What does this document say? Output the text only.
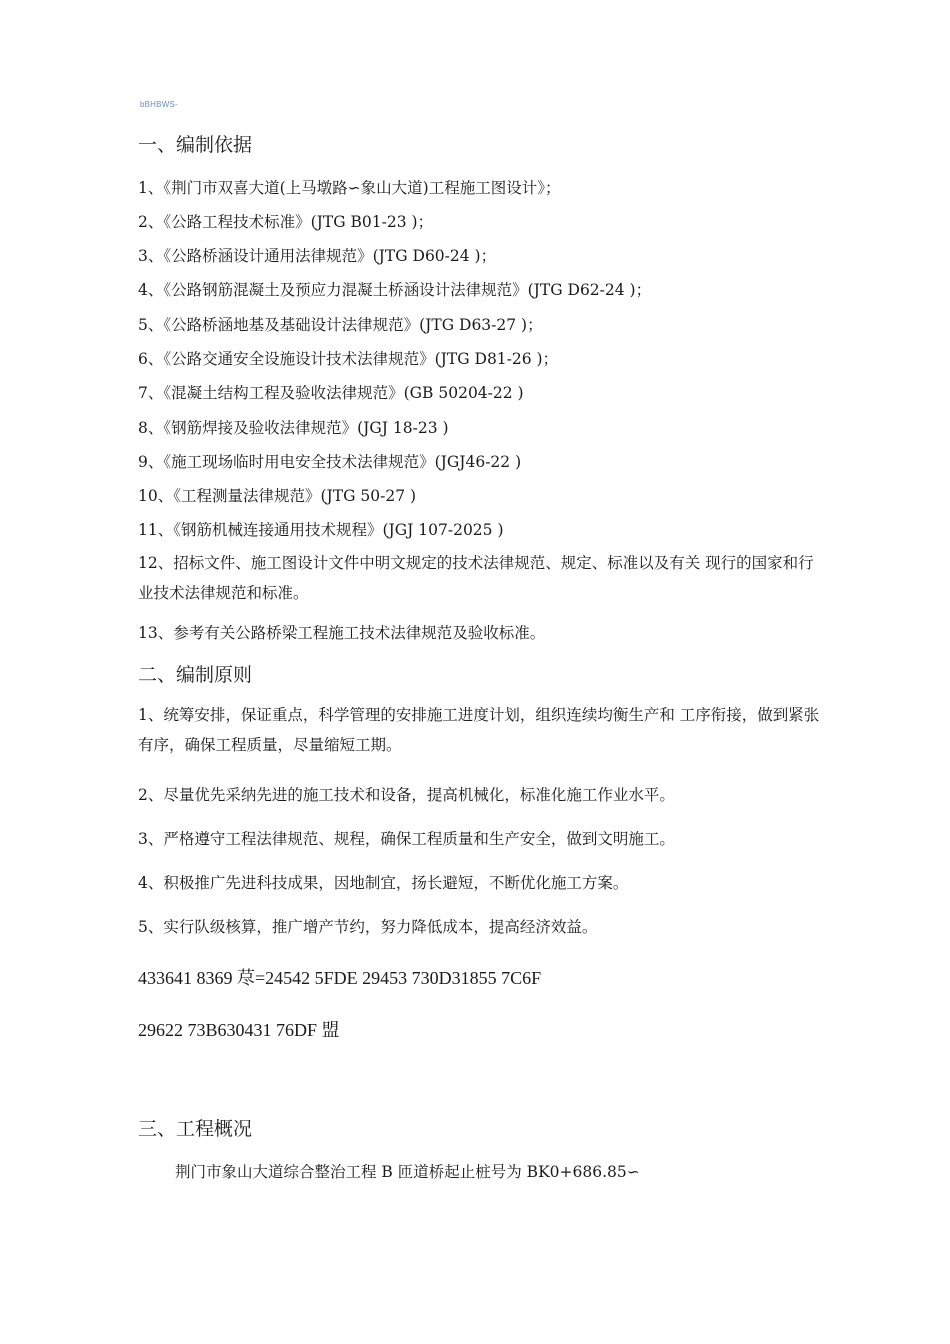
bBHBWS-
一、编制依据
1、《荆门市双喜大道(上马墩路∽象山大道)工程施工图设计》；
2、《公路工程技术标准》(JTG B01-23 )；
3、《公路桥涵设计通用法律规范》(JTG D60-24 )；
4、《公路钢筋混凝土及预应力混凝土桥涵设计法律规范》(JTG D62-24 )；
5、《公路桥涵地基及基础设计法律规范》(JTG D63-27 )；
6、《公路交通安全设施设计技术法律规范》(JTG D81-26 )；
7、《混凝土结构工程及验收法律规范》(GB 50204-22 )
8、《钢筋焊接及验收法律规范》(JGJ 18-23 )
9、《施工现场临时用电安全技术法律规范》(JGJ46-22 )
10、《工程测量法律规范》(JTG 50-27 )
11、《钢筋机械连接通用技术规程》(JGJ 107-2025 )
12、招标文件、施工图设计文件中明文规定的技术法律规范、规定、标准以及有关 现行的国家和行业技术法律规范和标准。
13、参考有关公路桥梁工程施工技术法律规范及验收标准。
二、编制原则
1、统筹安排，保证重点，科学管理的安排施工进度计划，组织连续均衡生产和 工序衔接，做到紧张有序，确保工程质量，尽量缩短工期。
2、尽量优先采纳先进的施工技术和设备，提高机械化，标准化施工作业水平。
3、严格遵守工程法律规范、规程，确保工程质量和生产安全，做到文明施工。
4、积极推广先进科技成果，因地制宜，扬长避短，不断优化施工方案。
5、实行队级核算，推广增产节约，努力降低成本，提高经济效益。
433641 8369 荩=24542 5FDE 29453 730D31855 7C6F
29622 73B630431 76DF 盟
三、工程概况
荆门市象山大道综合整治工程 B 匝道桥起止桩号为 BK0+686.85∽
